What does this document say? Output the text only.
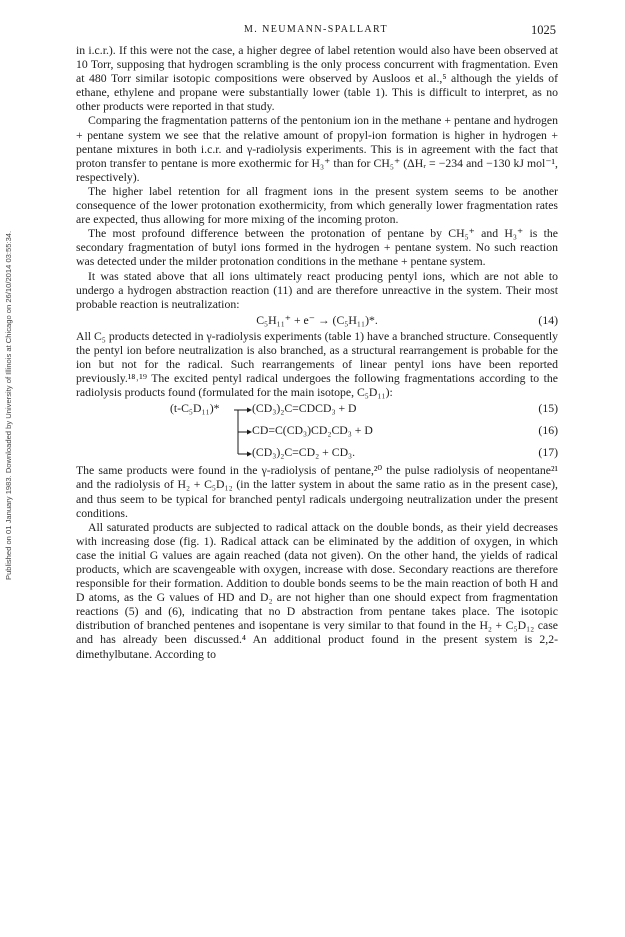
Published on 01 January 1983. Downloaded by University of Illinois at Chicago on 26/10/2014 03:55:34.
M. NEUMANN-SPALLART	1025

in i.c.r.). If this were not the case, a higher degree of label retention would also have been observed at 10 Torr, supposing that hydrogen scrambling is the only process concurrent with fragmentation. Even at 480 Torr similar isotopic compositions were observed by Ausloos et al.,⁵ although the yields of ethane, ethylene and propane were substantially lower (table 1). This is difficult to interpret, as no other products were reported in that study.

Comparing the fragmentation patterns of the pentonium ion in the methane + pentane and hydrogen + pentane system we see that the relative amount of propyl-ion formation is higher in hydrogen + pentane mixtures in both i.c.r. and γ-radiolysis experiments. This is in agreement with the fact that proton transfer to pentane is more exothermic for H₃⁺ than for CH₅⁺ (ΔHᵣ = −234 and −130 kJ mol⁻¹, respectively).

The higher label retention for all fragment ions in the present system seems to be another consequence of the lower protonation exothermicity, from which generally lower fragmentation rates are expected, thus allowing for more mixing of the incoming proton.

The most profound difference between the protonation of pentane by CH₅⁺ and H₃⁺ is the secondary fragmentation of butyl ions formed in the hydrogen + pentane system. No such reaction was detected under the milder protonation conditions in the methane + pentane system.

It was stated above that all ions ultimately react producing pentyl ions, which are not able to undergo a hydrogen abstraction reaction (11) and are therefore unreactive in the system. Their most probable reaction is neutralization:

C₅H₁₁⁺ + e⁻ → (C₅H₁₁)*.	(14)

All C₅ products detected in γ-radiolysis experiments (table 1) have a branched structure. Consequently the pentyl ion before neutralization is also branched, as a structural rearrangement is probable for the ion but not for the radical. Such rearrangements of linear pentyl ions have been reported previously.¹⁸˒¹⁹ The excited pentyl radical undergoes the following fragmentations according to the radiolysis products found (formulated for the main isotope, C₅D₁₁):

(t-C₅D₁₁)*	(CD₃)₂C=CDCD₃ + D	(15)
CD=C(CD₃)CD₂CD₃ + D	(16)
(CD₃)₂C=CD₂ + CD₃.	(17)

The same products were found in the γ-radiolysis of pentane,²⁰ the pulse radiolysis of neopentane²¹ and the radiolysis of H₂ + C₅D₁₂ (in the latter system in about the same ratio as in the present case), and thus seem to be typical for branched pentyl radicals undergoing neutralization under the present conditions.

All saturated products are subjected to radical attack on the double bonds, as their yield decreases with increasing dose (fig. 1). Radical attack can be eliminated by the addition of oxygen, in which case the initial G values are again reached (data not given). On the other hand, the yields of radical products, which are scavengeable with oxygen, increase with dose. Secondary reactions are therefore responsible for their formation. Addition to double bonds seems to be the main reaction of both H and D atoms, as the G values of HD and D₂ are not higher than one should expect from fragmentation reactions (5) and (6), indicating that no D abstraction from pentane takes place. The isotopic distribution of branched pentenes and isopentane is very similar to that found in the H₂ + C₅D₁₂ case and has already been discussed.⁴ An additional product found in the present system is 2,2-dimethylbutane. According to
